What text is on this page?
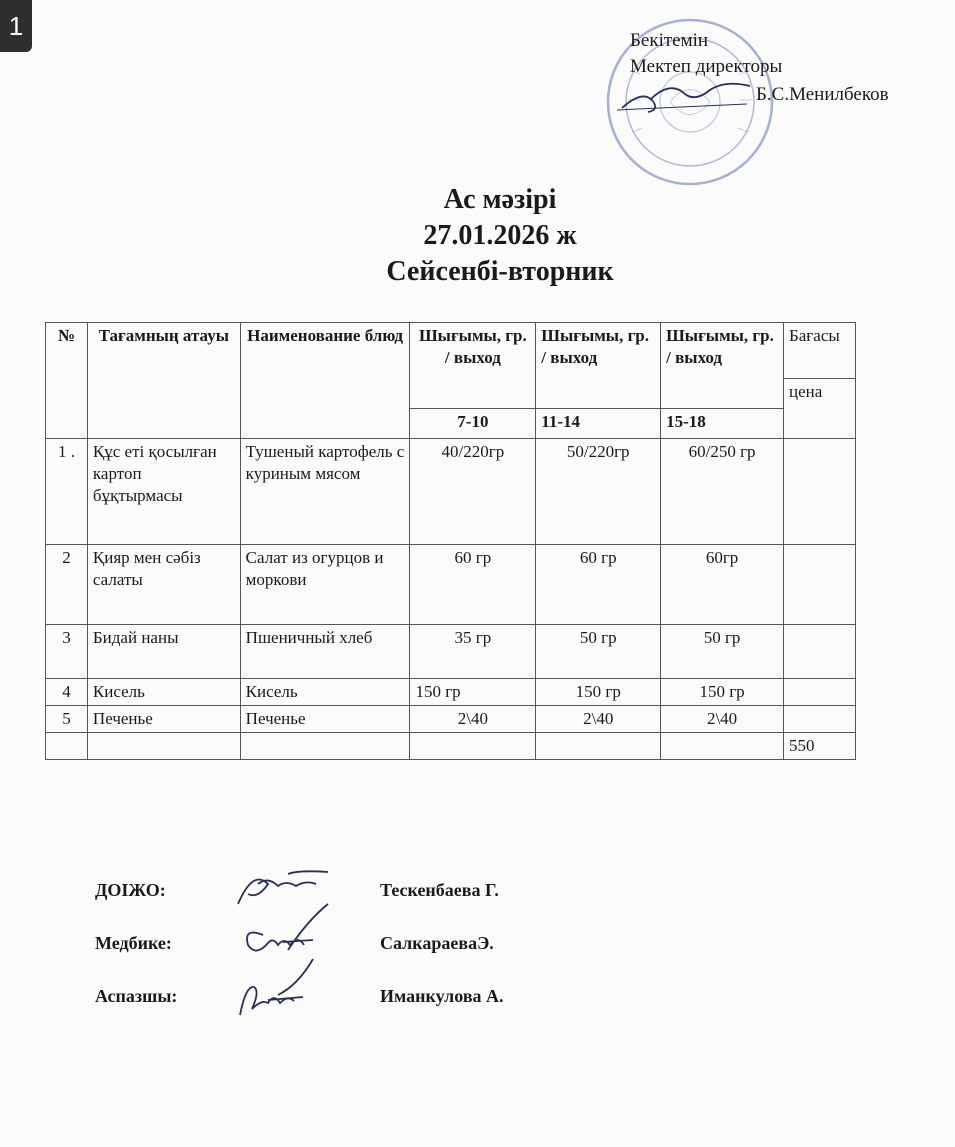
1	Бекітемін
Мектеп директоры
Б.С.Менилбеков
Ас мәзірі
27.01.2026 ж
Сейсенбі-вторник
№	Тағамның атауы	Наименование блюд	Шығымы, гр. / выход	Шығымы, гр. / выход	Шығымы, гр. / выход	Бағасы
						цена
			7-10	11-14	15-18	
1 .	Құс еті қосылған картоп бұқтырмасы	Тушеный картофель с куриным мясом	40/220гр	50/220гр	60/250 гр	
2	Қияр мен сәбіз салаты	Салат из огурцов и моркови	60 гр	60 гр	60гр	
3	Бидай наны	Пшеничный хлеб	35 гр	50 гр	50 гр	
4	Кисель	Кисель	150 гр	150 гр	150 гр	
5	Печенье	Печенье	2\40	2\40	2\40	
						550
ДОІЖО:	Тескенбаева Г.
Медбике:	СалкараеваЭ.
Аспазшы:	Иманкулова А.
